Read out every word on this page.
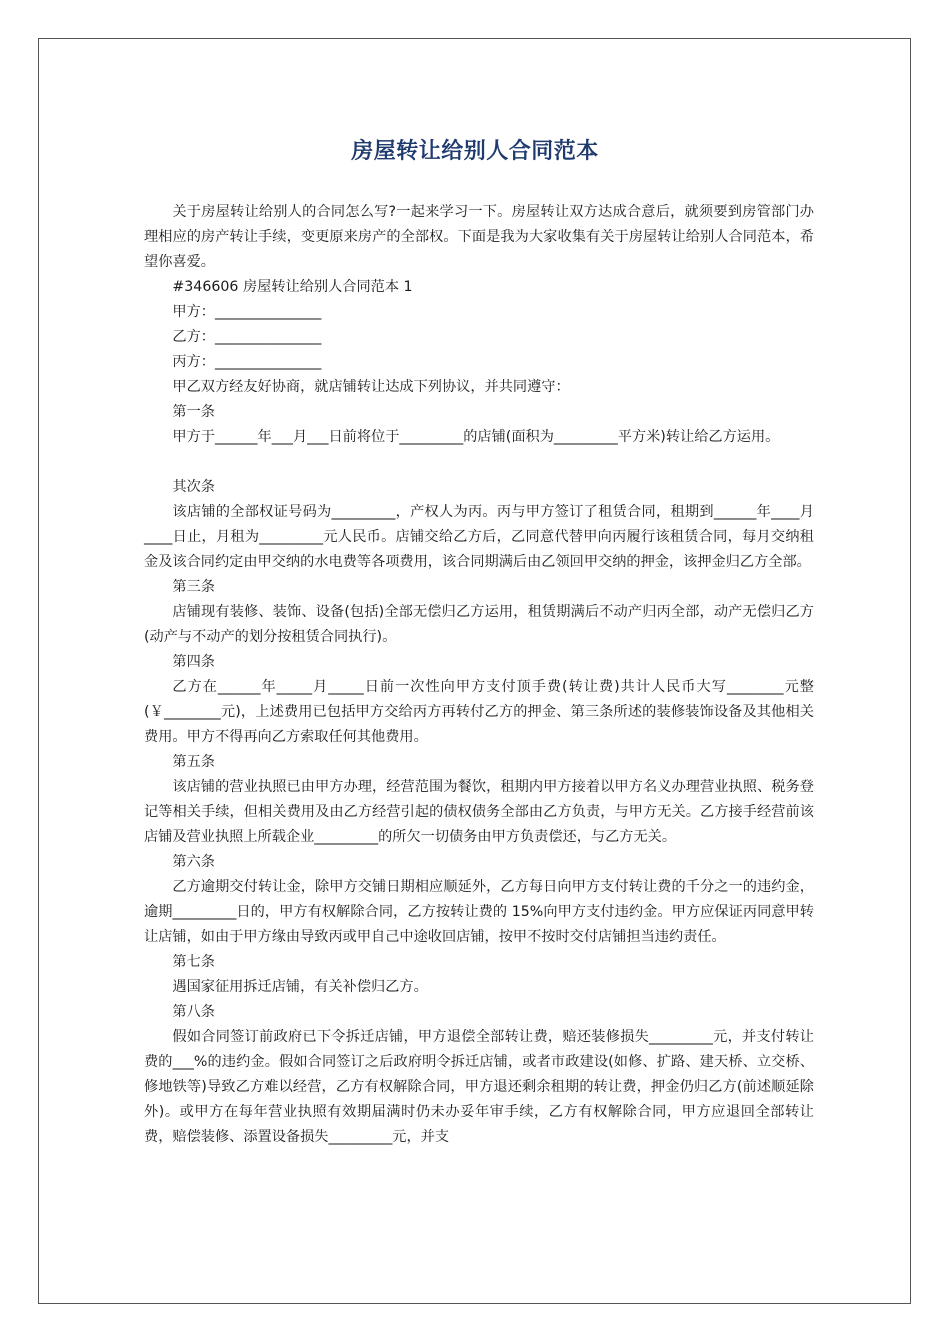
房屋转让给别人合同范本

关于房屋转让给别人的合同怎么写?一起来学习一下。房屋转让双方达成合意后，就须要到房管部门办理相应的房产转让手续，变更原来房产的全部权。下面是我为大家收集有关于房屋转让给别人合同范本，希望你喜爱。

#346606 房屋转让给别人合同范本 1

甲方：_______________

乙方：_______________

丙方：_______________

甲乙双方经友好协商，就店铺转让达成下列协议，并共同遵守：

第一条

甲方于______年___月___日前将位于_________的店铺(面积为_________平方米)转让给乙方运用。

其次条

该店铺的全部权证号码为_________，产权人为丙。丙与甲方签订了租赁合同，租期到______年____月____日止，月租为_________元人民币。店铺交给乙方后，乙同意代替甲向丙履行该租赁合同，每月交纳租金及该合同约定由甲交纳的水电费等各项费用，该合同期满后由乙领回甲交纳的押金，该押金归乙方全部。

第三条

店铺现有装修、装饰、设备(包括)全部无偿归乙方运用，租赁期满后不动产归丙全部，动产无偿归乙方(动产与不动产的划分按租赁合同执行)。

第四条

乙方在______年_____月_____日前一次性向甲方支付顶手费(转让费)共计人民币大写________元整(￥________元)，上述费用已包括甲方交给丙方再转付乙方的押金、第三条所述的装修装饰设备及其他相关费用。甲方不得再向乙方索取任何其他费用。

第五条

该店铺的营业执照已由甲方办理，经营范围为餐饮，租期内甲方接着以甲方名义办理营业执照、税务登记等相关手续，但相关费用及由乙方经营引起的债权债务全部由乙方负责，与甲方无关。乙方接手经营前该店铺及营业执照上所载企业_________的所欠一切债务由甲方负责偿还，与乙方无关。

第六条

乙方逾期交付转让金，除甲方交铺日期相应顺延外，乙方每日向甲方支付转让费的千分之一的违约金，逾期_________日的，甲方有权解除合同，乙方按转让费的 15%向甲方支付违约金。甲方应保证丙同意甲转让店铺，如由于甲方缘由导致丙或甲自己中途收回店铺，按甲不按时交付店铺担当违约责任。

第七条

遇国家征用拆迁店铺，有关补偿归乙方。

第八条

假如合同签订前政府已下令拆迁店铺，甲方退偿全部转让费，赔还装修损失_________元，并支付转让费的___%的违约金。假如合同签订之后政府明令拆迁店铺，或者市政建设(如修、扩路、建天桥、立交桥、修地铁等)导致乙方难以经营，乙方有权解除合同，甲方退还剩余租期的转让费，押金仍归乙方(前述顺延除外)。或甲方在每年营业执照有效期届满时仍未办妥年审手续，乙方有权解除合同，甲方应退回全部转让费，赔偿装修、添置设备损失_________元，并支
